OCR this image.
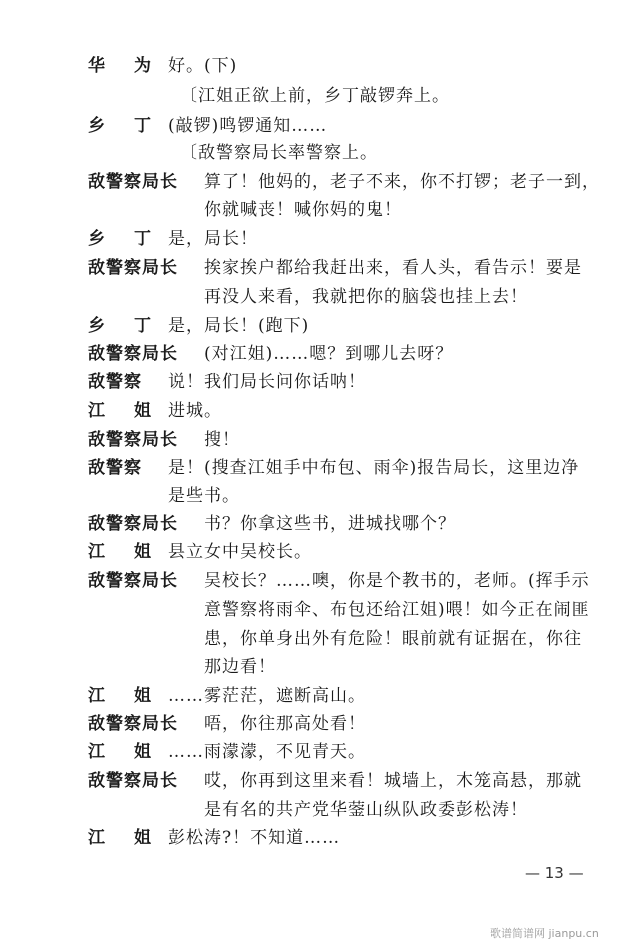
华　为 好。(下)
〔江姐正欲上前，乡丁敲锣奔上。
乡　丁 (敲锣)鸣锣通知……
〔敌警察局长率警察上。
敌警察局长 算了！他妈的，老子不来，你不打锣；老子一到，
你就喊丧！喊你妈的鬼！
乡　丁 是，局长！
敌警察局长 挨家挨户都给我赶出来，看人头，看告示！要是
再没人来看，我就把你的脑袋也挂上去！
乡　丁 是，局长！(跑下)
敌警察局长 (对江姐)……嗯？到哪儿去呀？
敌警察 说！我们局长问你话呐！
江　姐 进城。
敌警察局长 搜！
敌警察 是！(搜查江姐手中布包、雨伞)报告局长，这里边净
是些书。
敌警察局长 书？你拿这些书，进城找哪个？
江　姐 县立女中吴校长。
敌警察局长 吴校长？……噢，你是个教书的，老师。(挥手示
意警察将雨伞、布包还给江姐)喂！如今正在闹匪
患，你单身出外有危险！眼前就有证据在，你往
那边看！
江　姐 ……雾茫茫，遮断高山。
敌警察局长 唔，你往那高处看！
江　姐 ……雨濛濛，不见青天。
敌警察局长 哎，你再到这里来看！城墙上，木笼高悬，那就
是有名的共产党华蓥山纵队政委彭松涛！
江　姐 彭松涛?！不知道……
— 13 —
歌谱简谱网 jianpu.cn
